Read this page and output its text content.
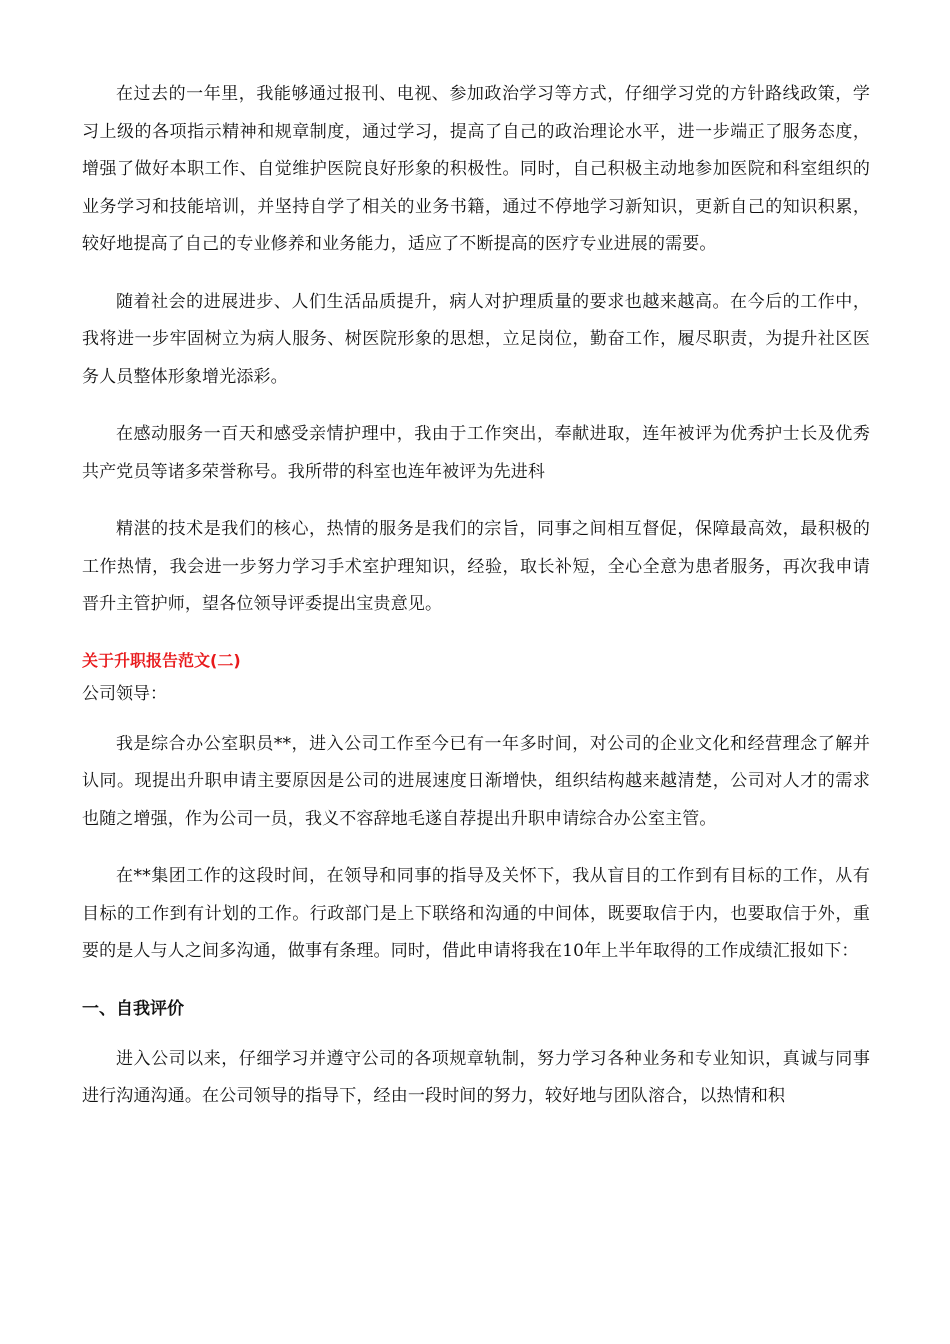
在过去的一年里，我能够通过报刊、电视、参加政治学习等方式，仔细学习党的方针路线政策，学习上级的各项指示精神和规章制度，通过学习，提高了自己的政治理论水平，进一步端正了服务态度，增强了做好本职工作、自觉维护医院良好形象的积极性。同时，自己积极主动地参加医院和科室组织的业务学习和技能培训，并坚持自学了相关的业务书籍，通过不停地学习新知识，更新自己的知识积累，较好地提高了自己的专业修养和业务能力，适应了不断提高的医疗专业进展的需要。

随着社会的进展进步、人们生活品质提升，病人对护理质量的要求也越来越高。在今后的工作中，我将进一步牢固树立为病人服务、树医院形象的思想，立足岗位，勤奋工作，履尽职责，为提升社区医务人员整体形象增光添彩。

在感动服务一百天和感受亲情护理中，我由于工作突出，奉献进取，连年被评为优秀护士长及优秀共产党员等诸多荣誉称号。我所带的科室也连年被评为先进科

精湛的技术是我们的核心，热情的服务是我们的宗旨，同事之间相互督促，保障最高效，最积极的工作热情，我会进一步努力学习手术室护理知识，经验，取长补短，全心全意为患者服务，再次我申请晋升主管护师，望各位领导评委提出宝贵意见。

关于升职报告范文(二)

公司领导：

我是综合办公室职员**，进入公司工作至今已有一年多时间，对公司的企业文化和经营理念了解并认同。现提出升职申请主要原因是公司的进展速度日渐增快，组织结构越来越清楚，公司对人才的需求也随之增强，作为公司一员，我义不容辞地毛遂自荐提出升职申请综合办公室主管。

在**集团工作的这段时间，在领导和同事的指导及关怀下，我从盲目的工作到有目标的工作，从有目标的工作到有计划的工作。行政部门是上下联络和沟通的中间体，既要取信于内，也要取信于外，重要的是人与人之间多沟通，做事有条理。同时，借此申请将我在10年上半年取得的工作成绩汇报如下：

一、自我评价

进入公司以来，仔细学习并遵守公司的各项规章轨制，努力学习各种业务和专业知识，真诚与同事进行沟通沟通。在公司领导的指导下，经由一段时间的努力，较好地与团队溶合，以热情和积
